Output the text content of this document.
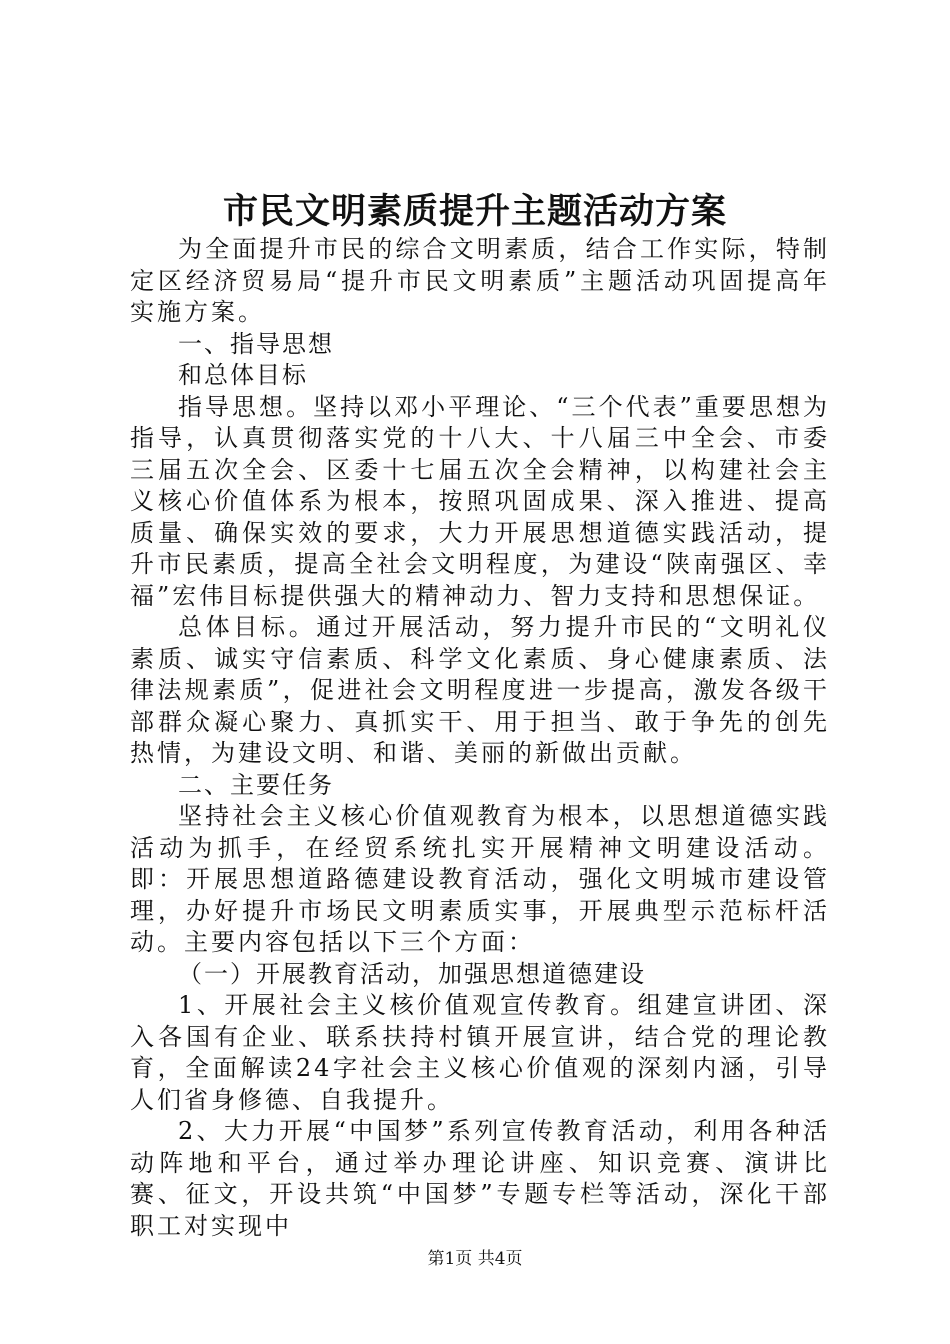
市民文明素质提升主题活动方案

为全面提升市民的综合文明素质，结合工作实际，特制定区经济贸易局“提升市民文明素质”主题活动巩固提高年实施方案。

一、指导思想

和总体目标

指导思想。坚持以邓小平理论、“三个代表”重要思想为指导，认真贯彻落实党的十八大、十八届三中全会、市委三届五次全会、区委十七届五次全会精神，以构建社会主义核心价值体系为根本，按照巩固成果、深入推进、提高质量、确保实效的要求，大力开展思想道德实践活动，提升市民素质，提高全社会文明程度，为建设“陕南强区、幸福”宏伟目标提供强大的精神动力、智力支持和思想保证。

总体目标。通过开展活动，努力提升市民的“文明礼仪素质、诚实守信素质、科学文化素质、身心健康素质、法律法规素质”，促进社会文明程度进一步提高，激发各级干部群众凝心聚力、真抓实干、用于担当、敢于争先的创先热情，为建设文明、和谐、美丽的新做出贡献。

二、主要任务

坚持社会主义核心价值观教育为根本，以思想道德实践活动为抓手，在经贸系统扎实开展精神文明建设活动。即：开展思想道路德建设教育活动，强化文明城市建设管理，办好提升市场民文明素质实事，开展典型示范标杆活动。主要内容包括以下三个方面：

（一）开展教育活动，加强思想道德建设

1、开展社会主义核价值观宣传教育。组建宣讲团、深入各国有企业、联系扶持村镇开展宣讲，结合党的理论教育，全面解读24字社会主义核心价值观的深刻内涵，引导人们省身修德、自我提升。

2、大力开展“中国梦”系列宣传教育活动，利用各种活动阵地和平台，通过举办理论讲座、知识竞赛、演讲比赛、征文，开设共筑“中国梦”专题专栏等活动，深化干部职工对实现中

第1页 共4页
